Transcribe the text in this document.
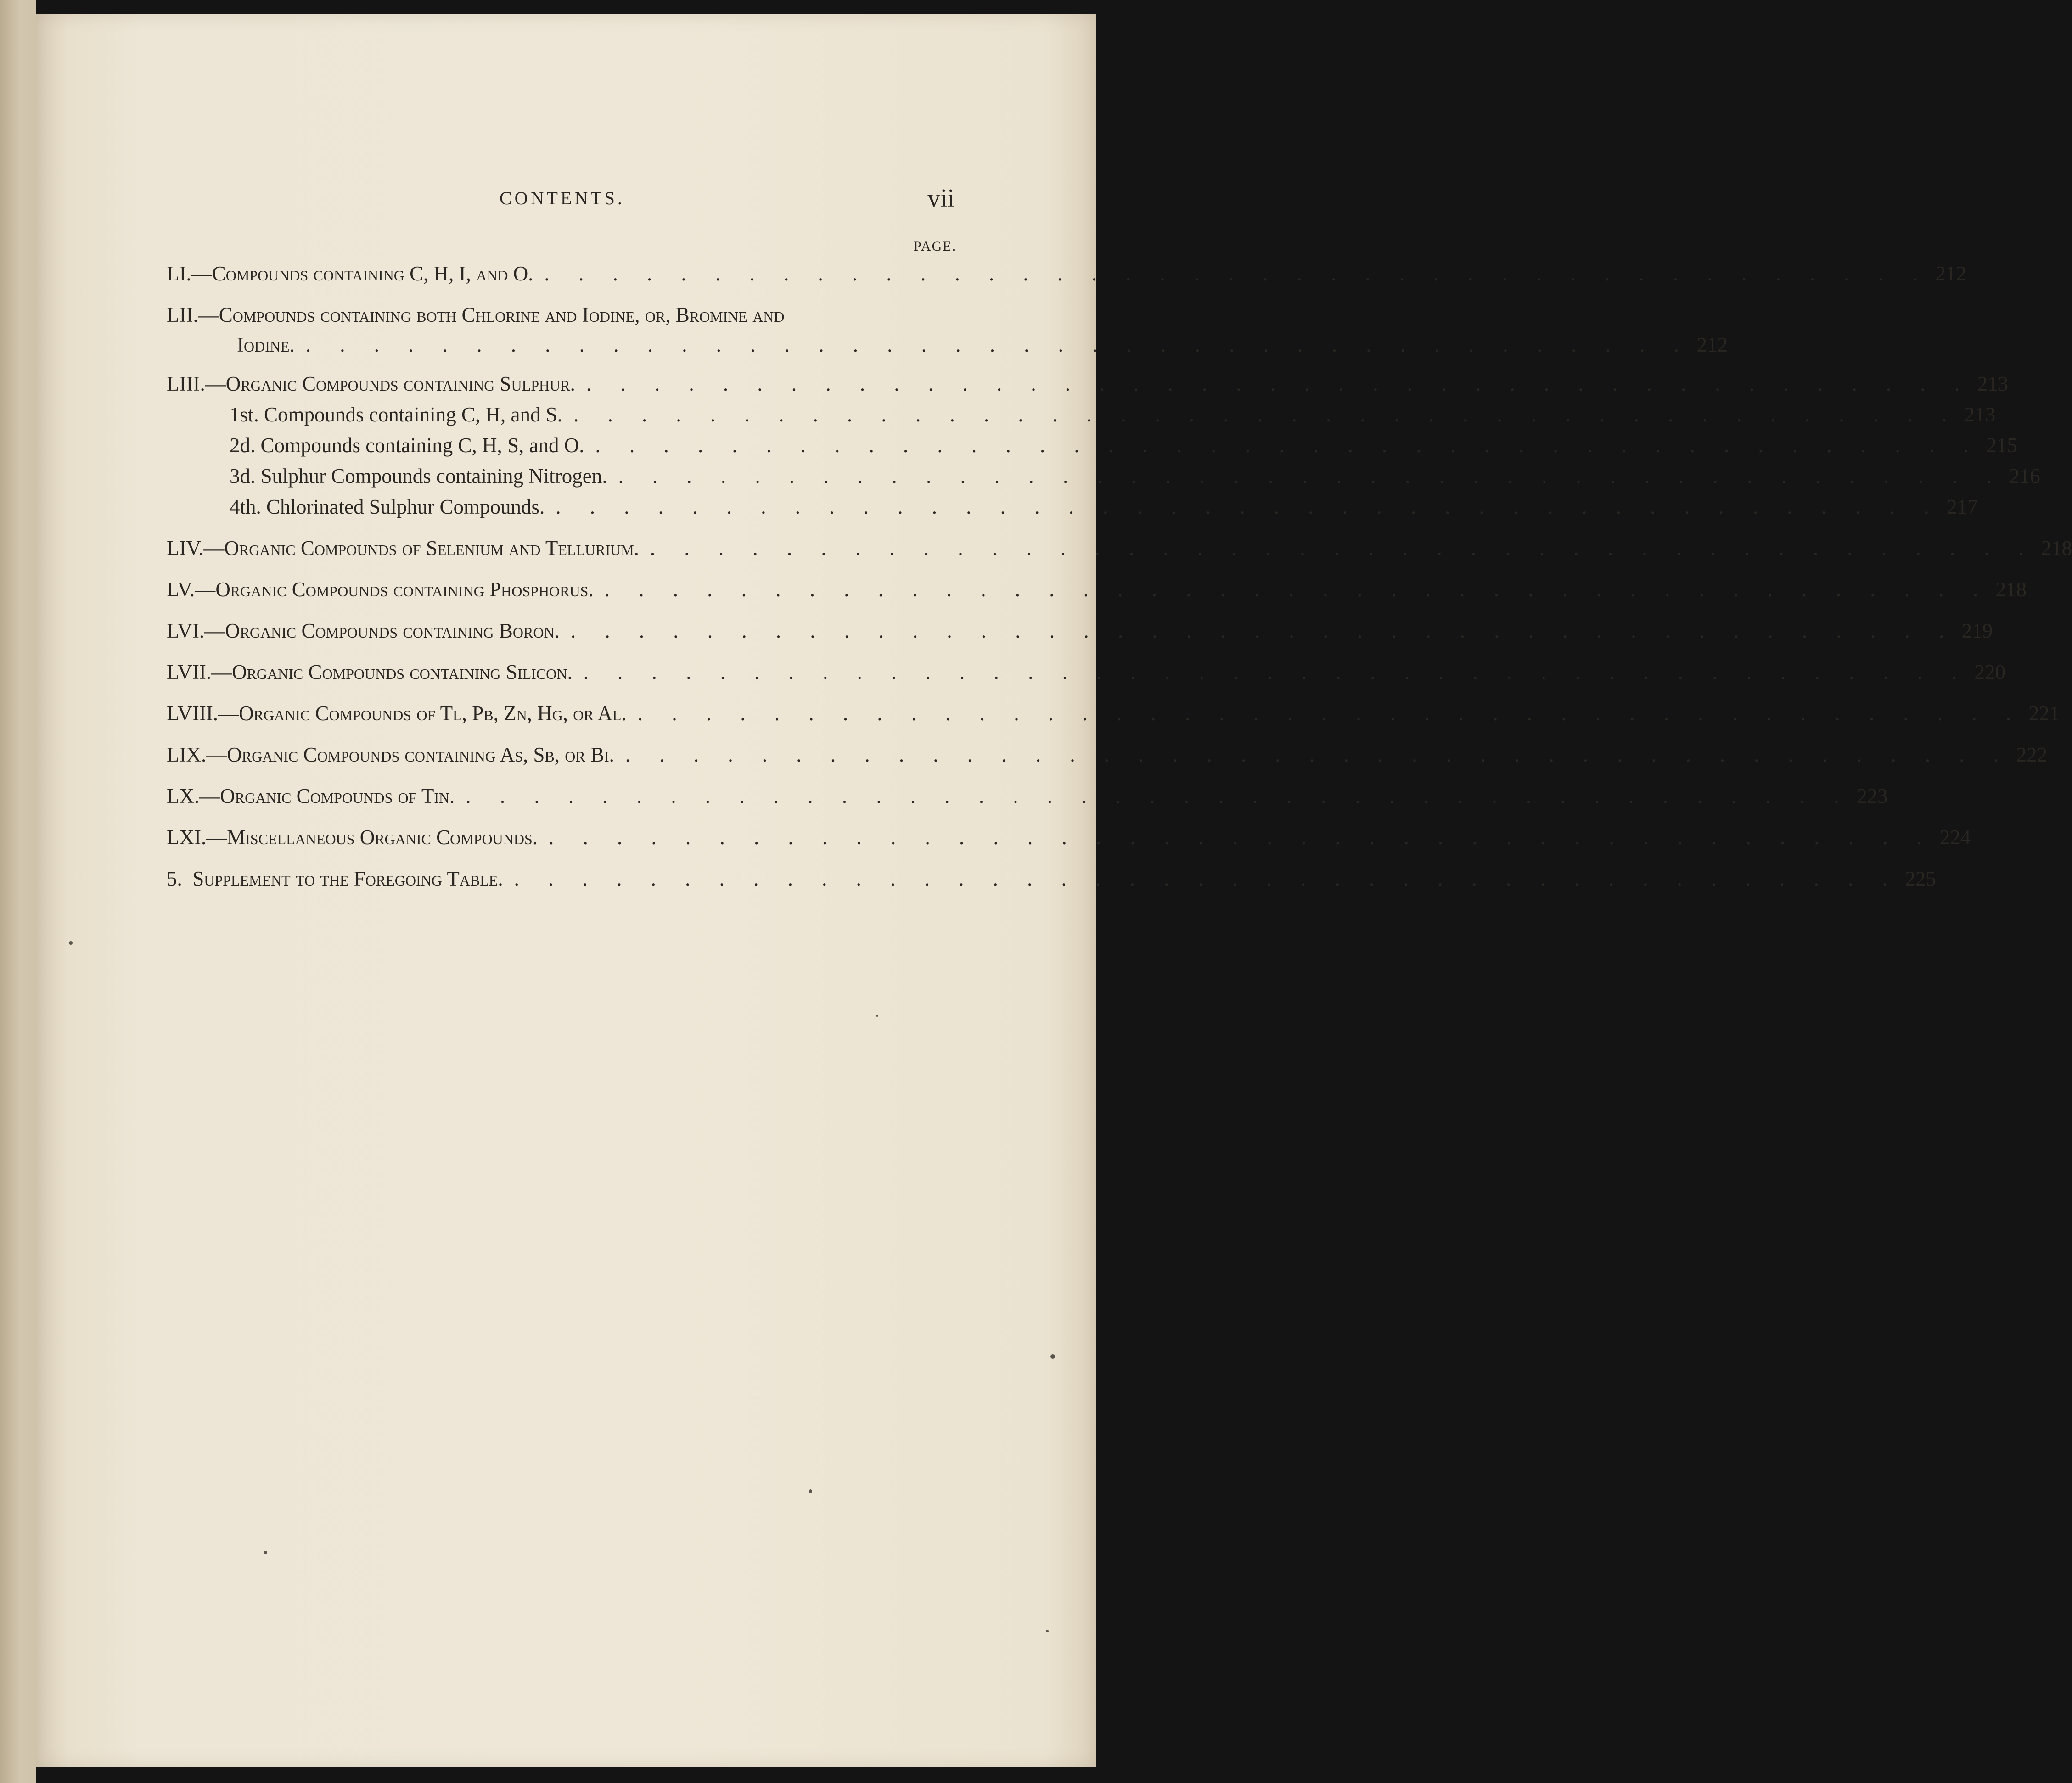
CONTENTS.	vii
PAGE.
LI.— Compounds containing C, H, I, and O. . . . . . . . . . . . . . . . . . . . . . . . . . . . . . . . . . . . . . . . . . 212
LII.— Compounds containing both Chlorine and Iodine, or, Bromine and
Iodine. . . . . . . . . . . . . . . . . . . . . . . . . . . . . . . . . . . . . . . . . . 212
LIII.— Organic Compounds containing Sulphur. . . . . . . . . . . . . . . . . . . . . . . . . . . . . . . . . . . . . . . . . . 213
1st.
Compounds containing C, H, and S. . . . . . . . . . . . . . . . . . . . . . . . . . . . . . . . . . . . . . . . . . 213
2d.
Compounds containing C, H, S, and O. . . . . . . . . . . . . . . . . . . . . . . . . . . . . . . . . . . . . . . . . . 215
3d.
Sulphur Compounds containing Nitrogen. . . . . . . . . . . . . . . . . . . . . . . . . . . . . . . . . . . . . . . . . . 216
4th.
Chlorinated Sulphur Compounds. . . . . . . . . . . . . . . . . . . . . . . . . . . . . . . . . . . . . . . . . . 217
LIV.— Organic Compounds of Selenium and Tellurium. . . . . . . . . . . . . . . . . . . . . . . . . . . . . . . . . . . . . . . . . . 218
LV.— Organic Compounds containing Phosphorus. . . . . . . . . . . . . . . . . . . . . . . . . . . . . . . . . . . . . . . . . . 218
LVI.— Organic Compounds containing Boron. . . . . . . . . . . . . . . . . . . . . . . . . . . . . . . . . . . . . . . . . . 219
LVII.— Organic Compounds containing Silicon. . . . . . . . . . . . . . . . . . . . . . . . . . . . . . . . . . . . . . . . . . 220
LVIII.— Organic Compounds of Tl, Pb, Zn, Hg, or Al. . . . . . . . . . . . . . . . . . . . . . . . . . . . . . . . . . . . . . . . . . 221
LIX.— Organic Compounds containing As, Sb, or Bi. . . . . . . . . . . . . . . . . . . . . . . . . . . . . . . . . . . . . . . . . . 222
LX.— Organic Compounds of Tin. . . . . . . . . . . . . . . . . . . . . . . . . . . . . . . . . . . . . . . . . . 223
LXI.— Miscellaneous Organic Compounds. . . . . . . . . . . . . . . . . . . . . . . . . . . . . . . . . . . . . . . . . . 224
5.
Supplement to the Foregoing Table. . . . . . . . . . . . . . . . . . . . . . . . . . . . . . . . . . . . . . . . . . 225
